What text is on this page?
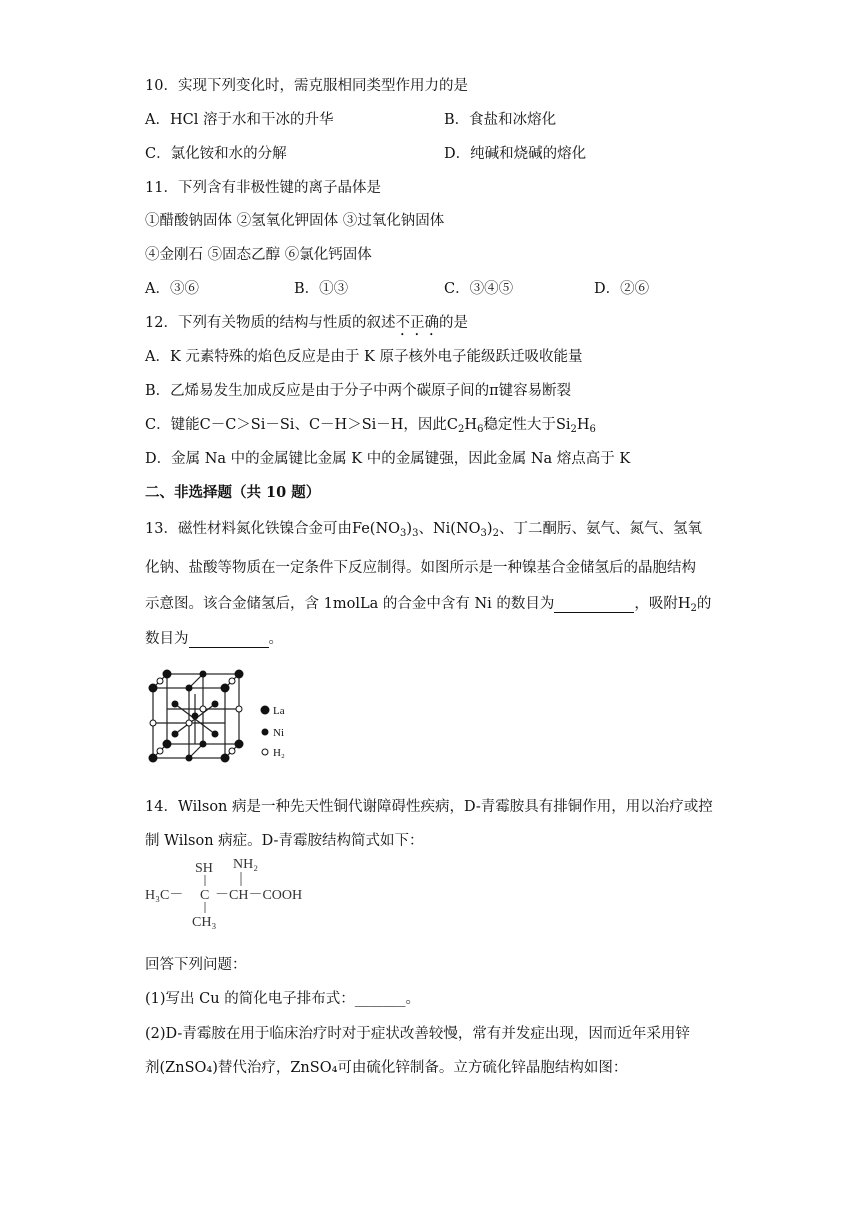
10．实现下列变化时，需克服相同类型作用力的是
A．HCl 溶于水和干冰的升华	B．食盐和冰熔化
C．氯化铵和水的分解	D．纯碱和烧碱的熔化
11．下列含有非极性键的离子晶体是
①醋酸钠固体 ②氢氧化钾固体 ③过氧化钠固体
④金刚石 ⑤固态乙醇 ⑥氯化钙固体
A．③⑥	B．①③	C．③④⑤	D．②⑥
12．下列有关物质的结构与性质的叙述不正确的是
A．K 元素特殊的焰色反应是由于 K 原子核外电子能级跃迁吸收能量
B．乙烯易发生加成反应是由于分子中两个碳原子间的π键容易断裂
C．键能C－C＞Si－Si、C－H＞Si－H，因此$C_2H_6$稳定性大于$Si_2H_6$
D．金属 Na 中的金属键比金属 K 中的金属键强，因此金属 Na 熔点高于 K
二、非选择题（共 10 题）
13．磁性材料氮化铁镍合金可由$Fe(NO_3)_3$、$Ni(NO_3)_2$、丁二酮肟、氨气、氮气、氢氧
化钠、盐酸等物质在一定条件下反应制得。如图所示是一种镍基合金储氢后的晶胞结构
示意图。该合金储氢后，含 1molLa 的合金中含有 Ni 的数目为	，吸附$H_2$的
数目为	。
La
Ni
H₂
14．Wilson 病是一种先天性铜代谢障碍性疾病，D-青霉胺具有排铜作用，用以治疗或控
制 Wilson 病症。D-青霉胺结构简式如下：
SH NH₂
H₃C－ C －CH－COOH
CH₃
回答下列问题：
(1)写出 Cu 的简化电子排布式：_______。
(2)D-青霉胺在用于临床治疗时对于症状改善较慢，常有并发症出现，因而近年采用锌
剂(ZnSO₄)替代治疗，ZnSO₄可由硫化锌制备。立方硫化锌晶胞结构如图：
